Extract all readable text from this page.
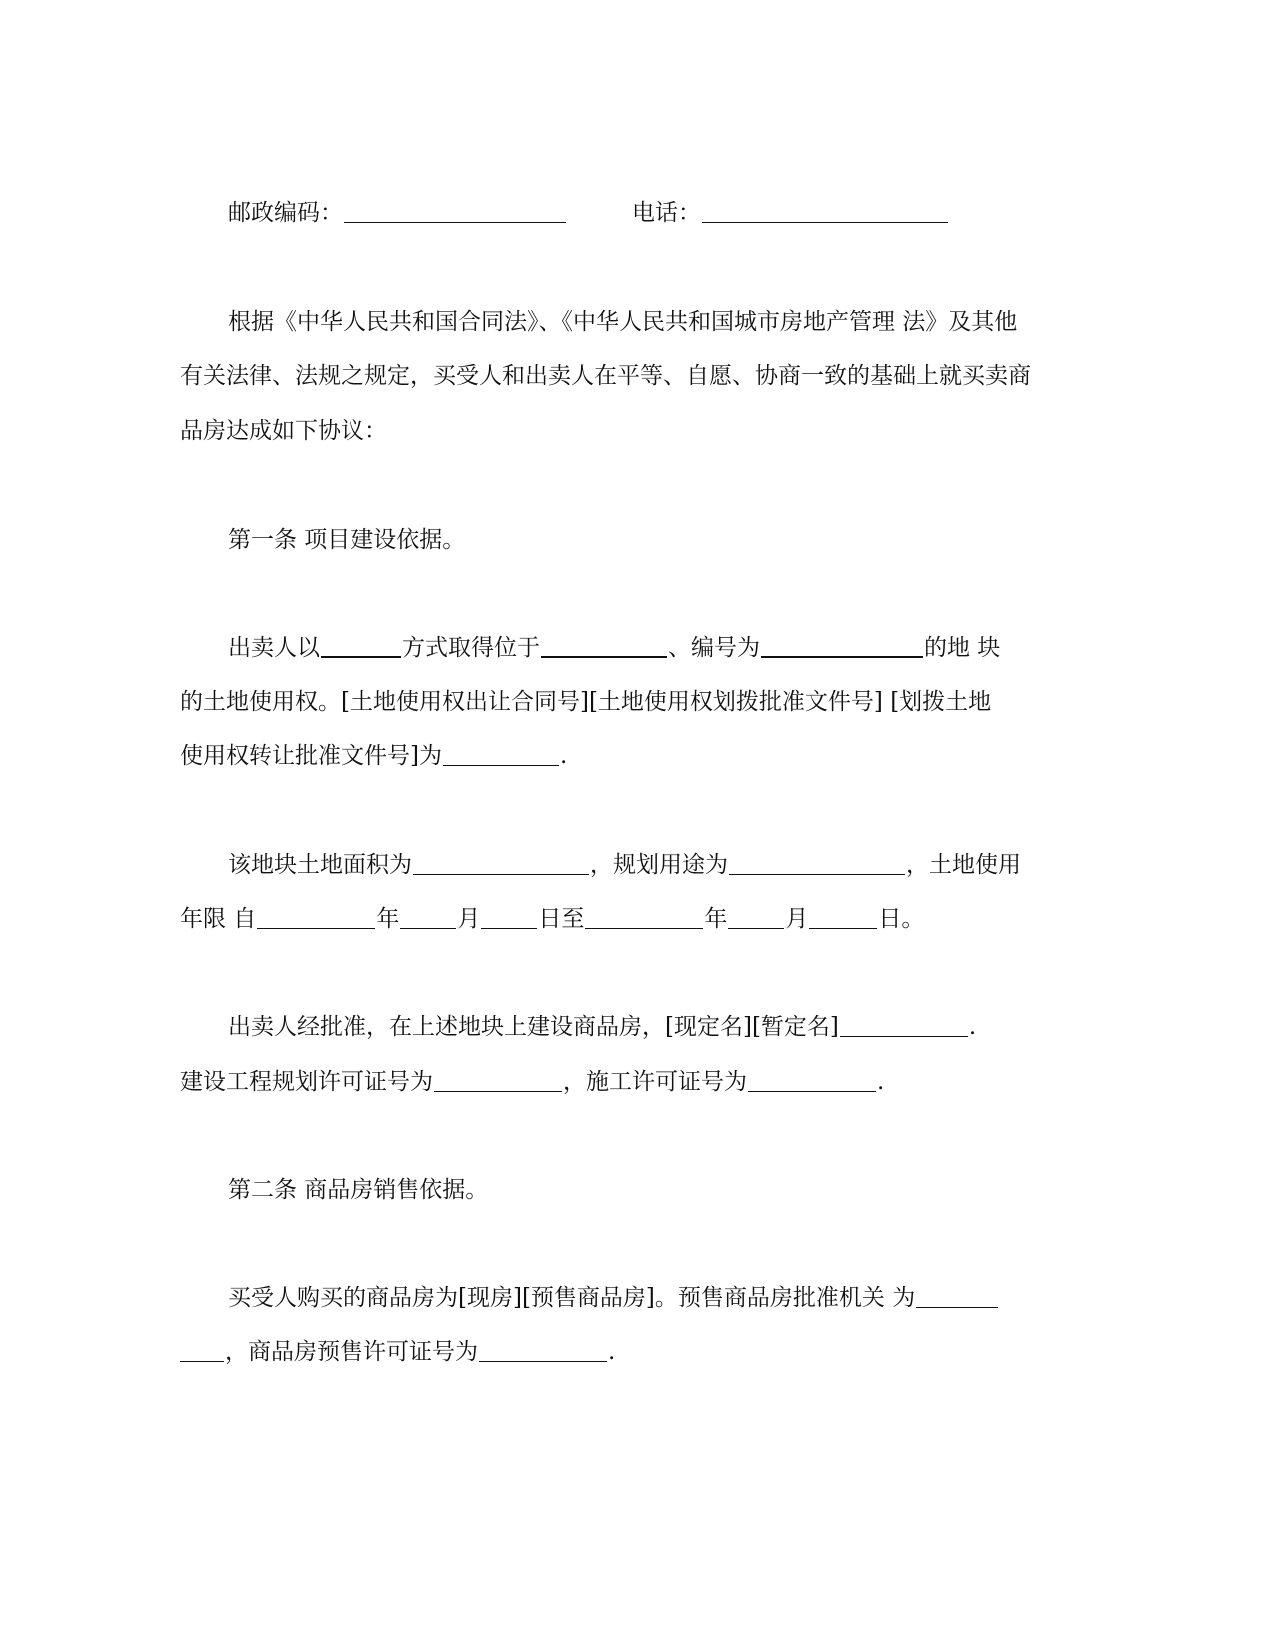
邮政编码：	电话：
根据《中华人民共和国合同法》、《中华人民共和国城市房地产管理 法》及其他
有关法律、法规之规定，买受人和出卖人在平等、自愿、协商一致的基础上就买卖商
品房达成如下协议：
第一条 项目建设依据。
出卖人以	方式取得位于	、编号为	的地 块
的土地使用权。[土地使用权出让合同号][土地使用权划拨批准文件号] [划拨土地
使用权转让批准文件号]为	.
该地块土地面积为	，规划用途为	，土地使用
年限 自	年	月	日至	年	月	日。
出卖人经批准，在上述地块上建设商品房，[现定名][暂定名]	.
建设工程规划许可证号为	，施工许可证号为	.
第二条 商品房销售依据。
买受人购买的商品房为[现房][预售商品房]。预售商品房批准机关 为
，商品房预售许可证号为	.
